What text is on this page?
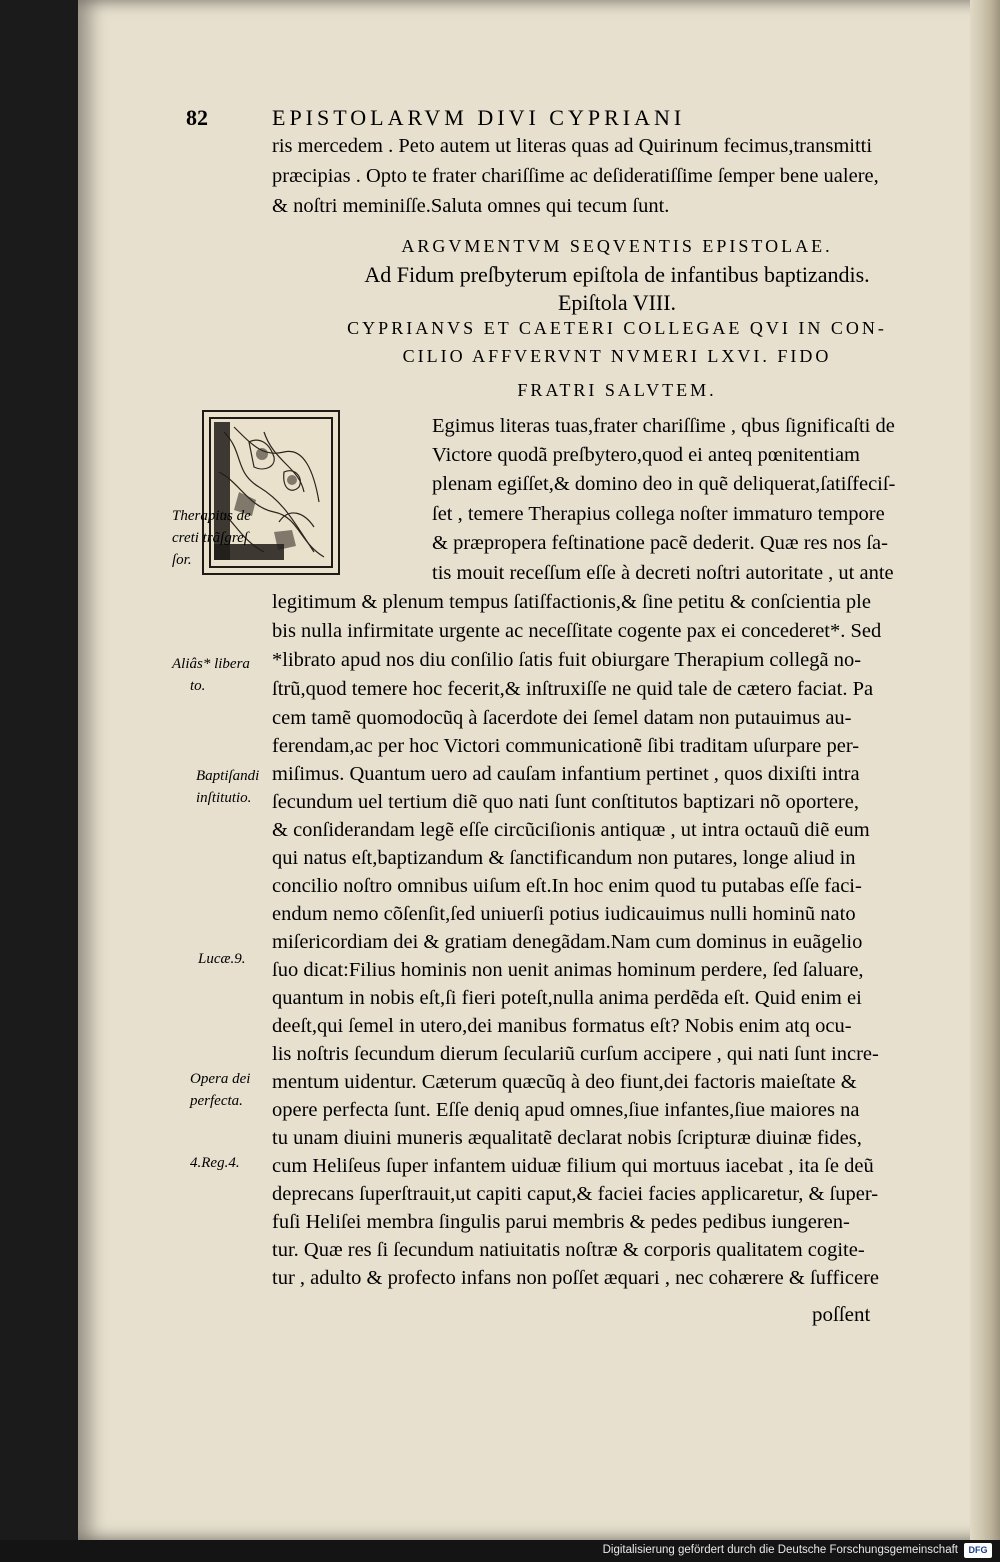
82	EPISTOLARVM DIVI CYPRIANI
ris mercedem . Peto autem ut literas quas ad Quirinum fecimus,transmitti
præcipias . Opto te frater chariſſime ac deſideratiſſime ſemper bene ualere,
& noſtri meminiſſe.Saluta omnes qui tecum ſunt.
ARGVMENTVM SEQVENTIS EPISTOLAE.
Ad Fidum preſbyterum epiſtola de infantibus baptizandis.
Epiſtola VIII.
CYPRIANVS ET CAETERI COLLEGAE QVI IN CON-
CILIO AFFVERVNT NVMERI LXVI. FIDO
FRATRI SALVTEM.
Egimus literas tuas,frater chariſſime , qbus ſignificaſti de
Victore quodã preſbytero,quod ei anteq pœnitentiam
plenam egiſſet,& domino deo in quẽ deliquerat,ſatiſfeciſ-
ſet , temere Therapius collega noſter immaturo tempore
& præpropera feſtinatione pacẽ dederit. Quæ res nos ſa-
tis mouit receſſum eſſe à decreti noſtri autoritate , ut ante
legitimum & plenum tempus ſatiſfactionis,& ſine petitu & conſcientia ple
bis nulla infirmitate urgente ac neceſſitate cogente pax ei concederet*. Sed
*librato apud nos diu conſilio ſatis fuit obiurgare Therapium collegã no-
ſtrũ,quod temere hoc fecerit,& inſtruxiſſe ne quid tale de cætero faciat. Pa
cem tamẽ quomodocũq à ſacerdote dei ſemel datam non putauimus au-
ferendam,ac per hoc Victori communicationẽ ſibi traditam uſurpare per-
miſimus. Quantum uero ad cauſam infantium pertinet , quos dixiſti intra
ſecundum uel tertium diẽ quo nati ſunt conſtitutos baptizari nõ oportere,
& conſiderandam legẽ eſſe circũciſionis antiquæ , ut intra octauũ diẽ eum
qui natus eſt,baptizandum & ſanctificandum non putares, longe aliud in
concilio noſtro omnibus uiſum eſt.In hoc enim quod tu putabas eſſe faci-
endum nemo cõſenſit,ſed uniuerſi potius iudicauimus nulli hominũ nato
miſericordiam dei & gratiam denegãdam.Nam cum dominus in euãgelio
ſuo dicat:Filius hominis non uenit animas hominum perdere, ſed ſaluare,
quantum in nobis eſt,ſi fieri poteſt,nulla anima perdẽda eſt. Quid enim ei
deeſt,qui ſemel in utero,dei manibus formatus eſt? Nobis enim atq ocu-
lis noſtris ſecundum dierum ſeculariũ curſum accipere , qui nati ſunt incre-
mentum uidentur. Cæterum quæcũq à deo fiunt,dei factoris maieſtate &
opere perfecta ſunt. Eſſe deniq apud omnes,ſiue infantes,ſiue maiores na
tu unam diuini muneris æqualitatẽ declarat nobis ſcripturæ diuinæ fides,
cum Heliſeus ſuper infantem uiduæ filium qui mortuus iacebat , ita ſe deũ
deprecans ſuperſtrauit,ut capiti caput,& faciei facies applicaretur, & ſuper-
fuſi Heliſei membra ſingulis parui membris & pedes pedibus iungeren-
tur. Quæ res ſi ſecundum natiuitatis noſtræ & corporis qualitatem cogite-
tur , adulto & profecto infans non poſſet æquari , nec cohærere & ſufficere
poſſent
Therapius de
creti trãſgreſ
ſor.
Aliâs* libera
to.
Baptiſandi
inſtitutio.
Lucæ.9.
Opera dei
perfecta.
4.Reg.4.
Digitalisierung gefördert durch die Deutsche Forschungsgemeinschaft	DFG
